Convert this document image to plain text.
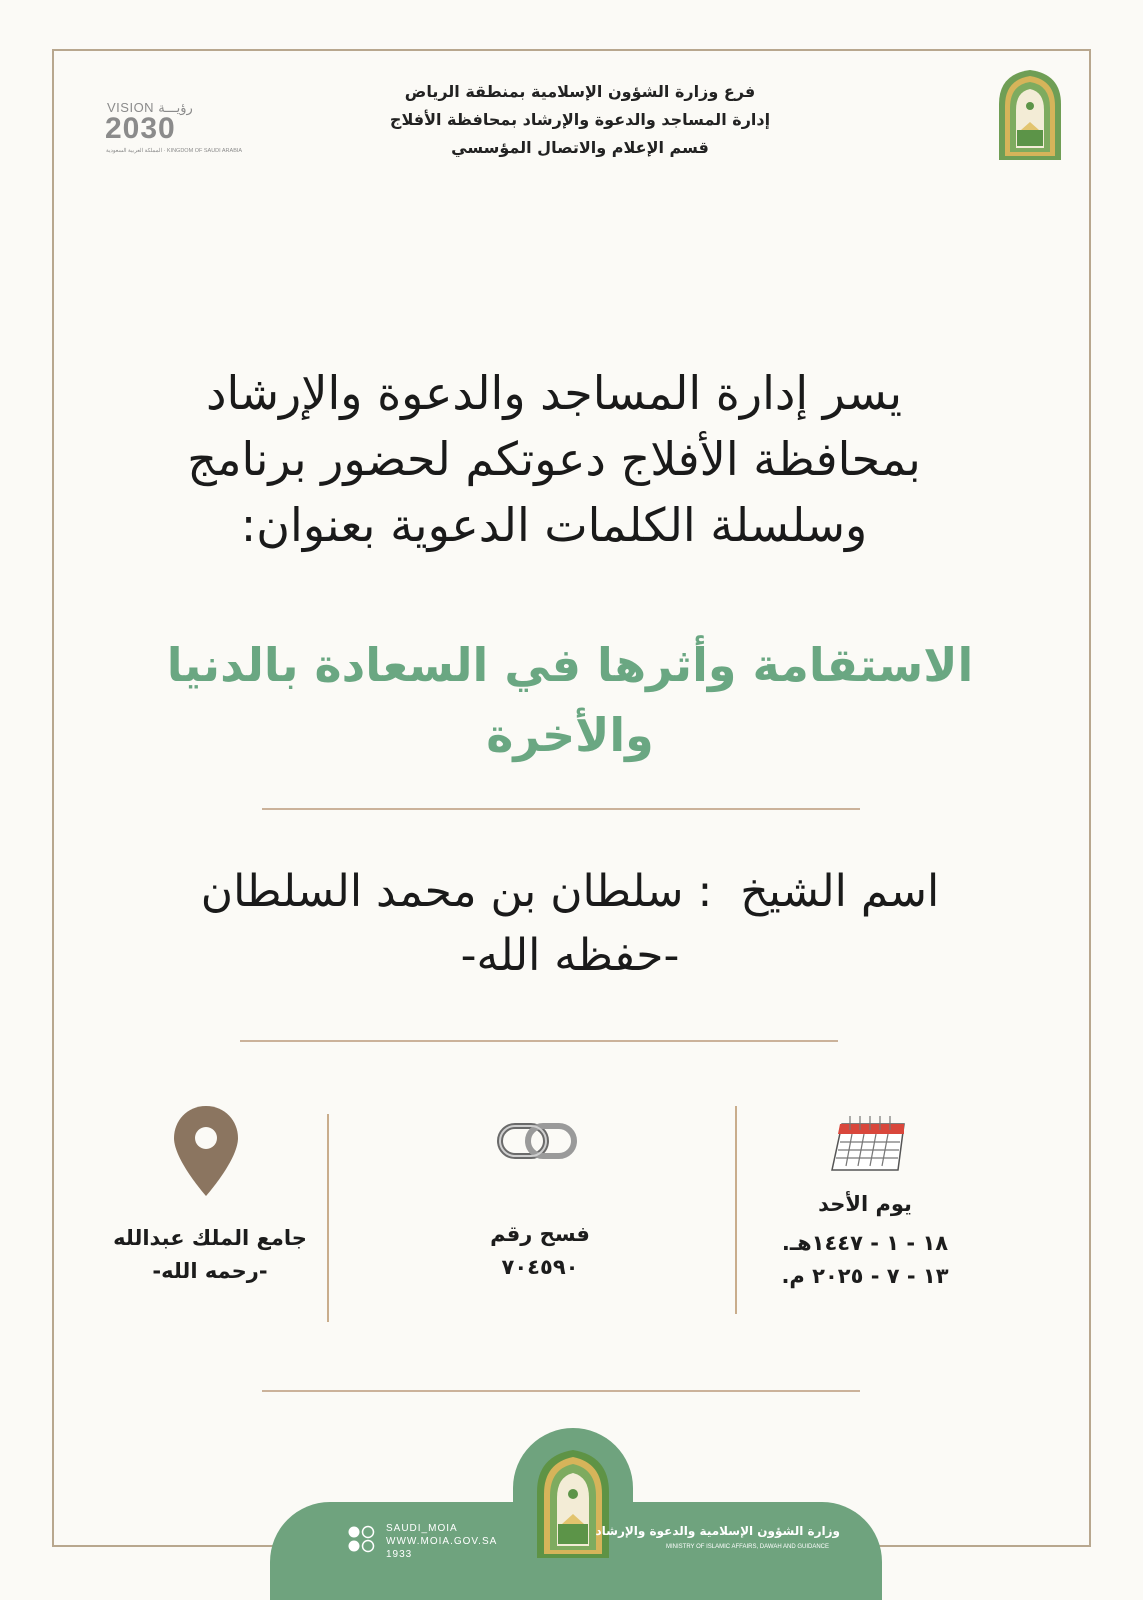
فرع وزارة الشؤون الإسلامية بمنطقة الرياض
إدارة المساجد والدعوة والإرشاد بمحافظة الأفلاج
قسم الإعلام والاتصال المؤسسي
VISION رؤيـــة
2030
المملكة العربية السعودية · KINGDOM OF SAUDI ARABIA
يسر إدارة المساجد والدعوة والإرشاد
بمحافظة الأفلاج دعوتكم لحضور برنامج
وسلسلة الكلمات الدعوية بعنوان:
الاستقامة وأثرها في السعادة بالدنيا
والأخرة
اسم الشيخ  : سلطان بن محمد السلطان
-حفظه الله-
يوم الأحد
١٨ - ١ - ١٤٤٧هـ.
١٣ - ٧ - ٢٠٢٥ م.
فسح رقم
٧٠٤٥٩٠
جامع الملك عبدالله
-رحمه الله-
SAUDI_MOIA
WWW.MOIA.GOV.SA
1933
وزارة الشؤون الإسلامية والدعوة والإرشاد
MINISTRY OF ISLAMIC AFFAIRS, DAWAH AND GUIDANCE
